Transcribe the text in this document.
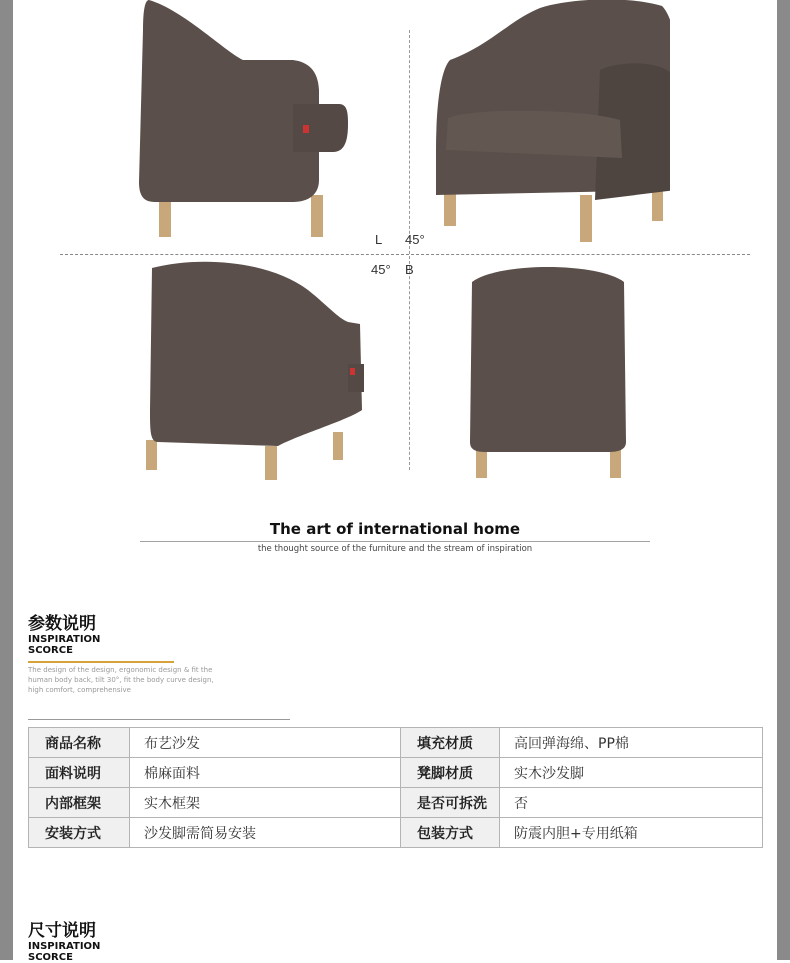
L 45°
45° B
The art of international home
the thought source of the furniture and the stream of inspiration
参数说明
INSPIRATION
SCORCE
The design of the design, ergonomic design & fit the human body back, tilt 30°, fit the body curve design, high comfort, comprehensive
商品名称	布艺沙发	填充材质	高回弹海绵、PP棉
面料说明	棉麻面料	凳脚材质	实木沙发脚
内部框架	实木框架	是否可拆洗	否
安装方式	沙发脚需简易安装	包装方式	防震内胆+专用纸箱
尺寸说明
INSPIRATION
SCORCE
